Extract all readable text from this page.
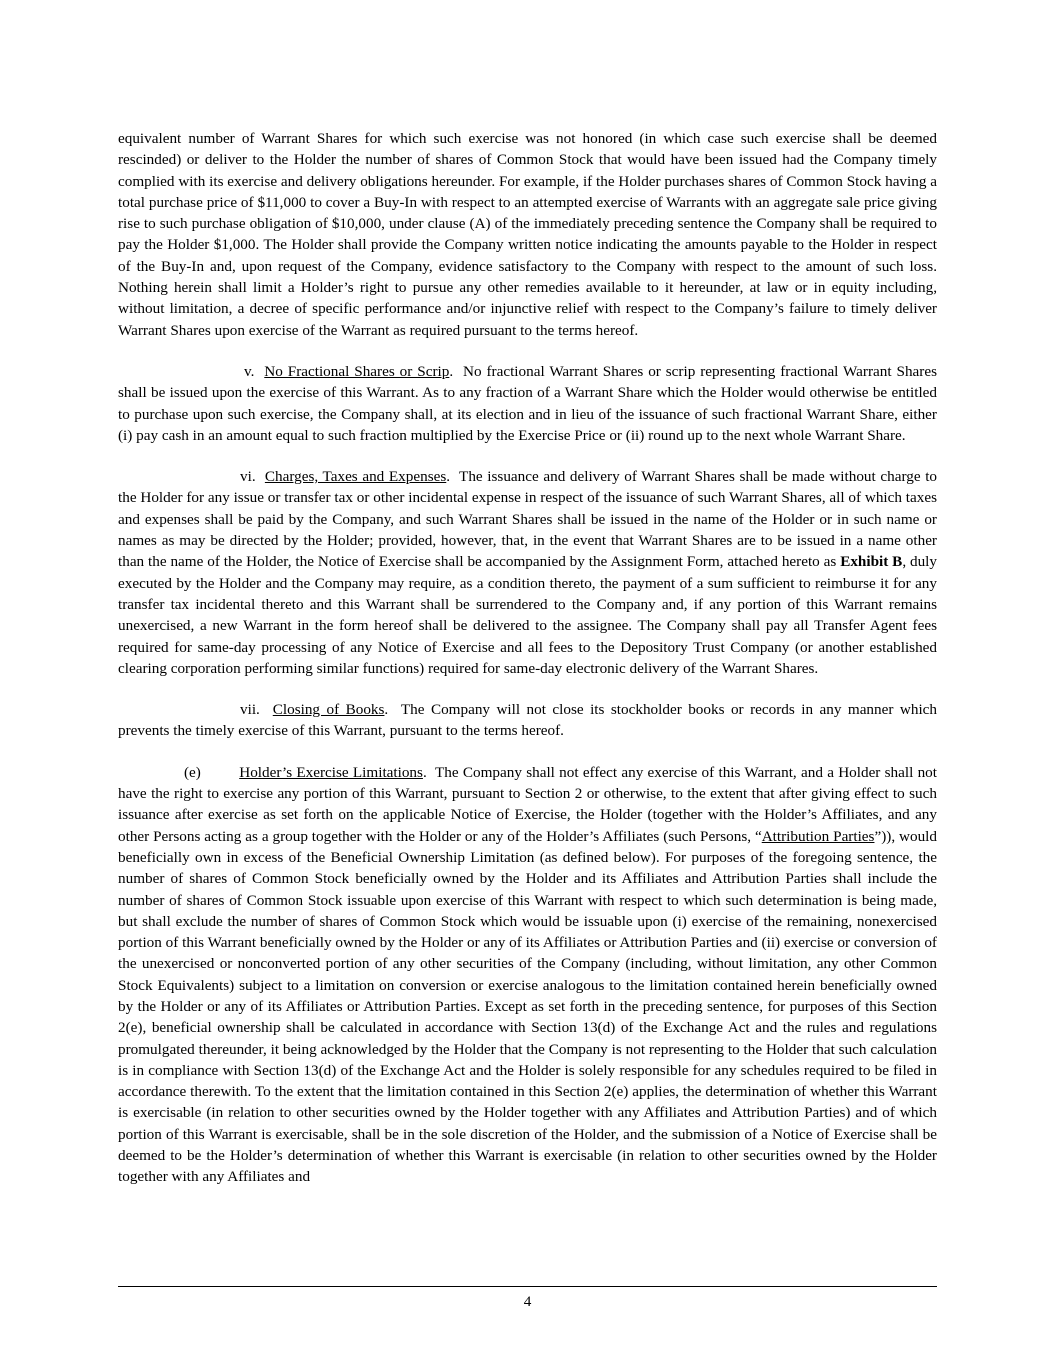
equivalent number of Warrant Shares for which such exercise was not honored (in which case such exercise shall be deemed rescinded) or deliver to the Holder the number of shares of Common Stock that would have been issued had the Company timely complied with its exercise and delivery obligations hereunder. For example, if the Holder purchases shares of Common Stock having a total purchase price of $11,000 to cover a Buy-In with respect to an attempted exercise of Warrants with an aggregate sale price giving rise to such purchase obligation of $10,000, under clause (A) of the immediately preceding sentence the Company shall be required to pay the Holder $1,000. The Holder shall provide the Company written notice indicating the amounts payable to the Holder in respect of the Buy-In and, upon request of the Company, evidence satisfactory to the Company with respect to the amount of such loss. Nothing herein shall limit a Holder’s right to pursue any other remedies available to it hereunder, at law or in equity including, without limitation, a decree of specific performance and/or injunctive relief with respect to the Company’s failure to timely deliver Warrant Shares upon exercise of the Warrant as required pursuant to the terms hereof.

v. No Fractional Shares or Scrip.  No fractional Warrant Shares or scrip representing fractional Warrant Shares shall be issued upon the exercise of this Warrant. As to any fraction of a Warrant Share which the Holder would otherwise be entitled to purchase upon such exercise, the Company shall, at its election and in lieu of the issuance of such fractional Warrant Share, either (i) pay cash in an amount equal to such fraction multiplied by the Exercise Price or (ii) round up to the next whole Warrant Share.

vi. Charges, Taxes and Expenses.  The issuance and delivery of Warrant Shares shall be made without charge to the Holder for any issue or transfer tax or other incidental expense in respect of the issuance of such Warrant Shares, all of which taxes and expenses shall be paid by the Company, and such Warrant Shares shall be issued in the name of the Holder or in such name or names as may be directed by the Holder; provided, however, that, in the event that Warrant Shares are to be issued in a name other than the name of the Holder, the Notice of Exercise shall be accompanied by the Assignment Form, attached hereto as Exhibit B, duly executed by the Holder and the Company may require, as a condition thereto, the payment of a sum sufficient to reimburse it for any transfer tax incidental thereto and this Warrant shall be surrendered to the Company and, if any portion of this Warrant remains unexercised, a new Warrant in the form hereof shall be delivered to the assignee. The Company shall pay all Transfer Agent fees required for same-day processing of any Notice of Exercise and all fees to the Depository Trust Company (or another established clearing corporation performing similar functions) required for same-day electronic delivery of the Warrant Shares.

vii. Closing of Books.  The Company will not close its stockholder books or records in any manner which prevents the timely exercise of this Warrant, pursuant to the terms hereof.

(e)	Holder’s Exercise Limitations.  The Company shall not effect any exercise of this Warrant, and a Holder shall not have the right to exercise any portion of this Warrant, pursuant to Section 2 or otherwise, to the extent that after giving effect to such issuance after exercise as set forth on the applicable Notice of Exercise, the Holder (together with the Holder’s Affiliates, and any other Persons acting as a group together with the Holder or any of the Holder’s Affiliates (such Persons, “Attribution Parties”)), would beneficially own in excess of the Beneficial Ownership Limitation (as defined below). For purposes of the foregoing sentence, the number of shares of Common Stock beneficially owned by the Holder and its Affiliates and Attribution Parties shall include the number of shares of Common Stock issuable upon exercise of this Warrant with respect to which such determination is being made, but shall exclude the number of shares of Common Stock which would be issuable upon (i) exercise of the remaining, nonexercised portion of this Warrant beneficially owned by the Holder or any of its Affiliates or Attribution Parties and (ii) exercise or conversion of the unexercised or nonconverted portion of any other securities of the Company (including, without limitation, any other Common Stock Equivalents) subject to a limitation on conversion or exercise analogous to the limitation contained herein beneficially owned by the Holder or any of its Affiliates or Attribution Parties. Except as set forth in the preceding sentence, for purposes of this Section 2(e), beneficial ownership shall be calculated in accordance with Section 13(d) of the Exchange Act and the rules and regulations promulgated thereunder, it being acknowledged by the Holder that the Company is not representing to the Holder that such calculation is in compliance with Section 13(d) of the Exchange Act and the Holder is solely responsible for any schedules required to be filed in accordance therewith. To the extent that the limitation contained in this Section 2(e) applies, the determination of whether this Warrant is exercisable (in relation to other securities owned by the Holder together with any Affiliates and Attribution Parties) and of which portion of this Warrant is exercisable, shall be in the sole discretion of the Holder, and the submission of a Notice of Exercise shall be deemed to be the Holder’s determination of whether this Warrant is exercisable (in relation to other securities owned by the Holder together with any Affiliates and

4
